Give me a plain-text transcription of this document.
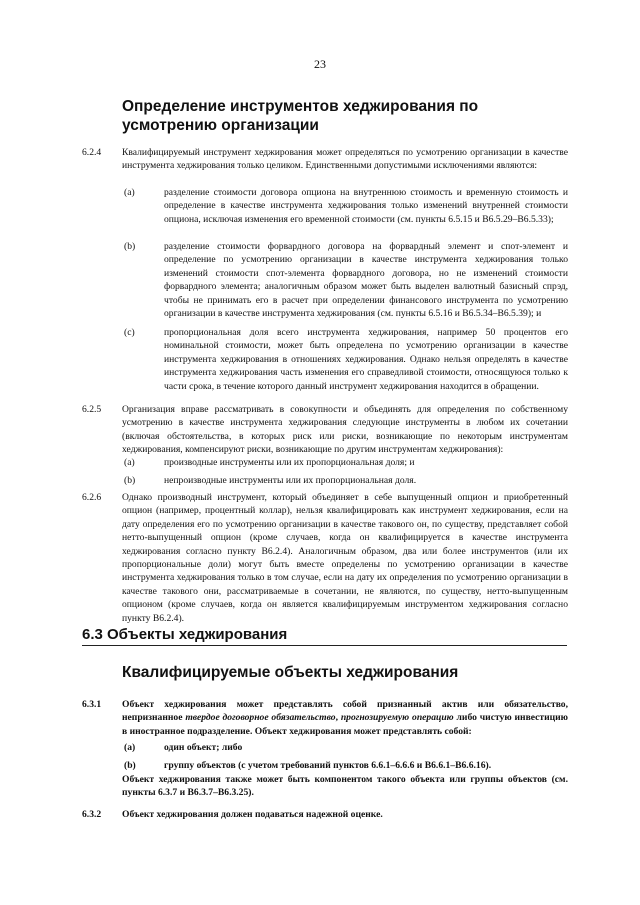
23
Определение инструментов хеджирования по усмотрению организации
6.2.4 Квалифицируемый инструмент хеджирования может определяться по усмотрению организации в качестве инструмента хеджирования только целиком. Единственными допустимыми исключениями являются:
(a)	разделение стоимости договора опциона на внутреннюю стоимость и временную стоимость и определение в качестве инструмента хеджирования только изменений внутренней стоимости опциона, исключая изменения его временной стоимости (см. пункты 6.5.15 и B6.5.29–B6.5.33);
(b)	разделение стоимости форвардного договора на форвардный элемент и спот-элемент и определение по усмотрению организации в качестве инструмента хеджирования только изменений стоимости спот-элемента форвардного договора, но не изменений стоимости форвардного элемента; аналогичным образом может быть выделен валютный базисный спрэд, чтобы не принимать его в расчет при определении финансового инструмента по усмотрению организации в качестве инструмента хеджирования (см. пункты 6.5.16 и B6.5.34–B6.5.39); и
(c)	пропорциональная доля всего инструмента хеджирования, например 50 процентов его номинальной стоимости, может быть определена по усмотрению организации в качестве инструмента хеджирования в отношениях хеджирования. Однако нельзя определять в качестве инструмента хеджирования часть изменения его справедливой стоимости, относящуюся только к части срока, в течение которого данный инструмент хеджирования находится в обращении.
6.2.5 Организация вправе рассматривать в совокупности и объединять для определения по собственному усмотрению в качестве инструмента хеджирования следующие инструменты в любом их сочетании (включая обстоятельства, в которых риск или риски, возникающие по некоторым инструментам хеджирования, компенсируют риски, возникающие по другим инструментам хеджирования):
(a)	производные инструменты или их пропорциональная доля; и
(b)	непроизводные инструменты или их пропорциональная доля.
6.2.6 Однако производный инструмент, который объединяет в себе выпущенный опцион и приобретенный опцион (например, процентный коллар), нельзя квалифицировать как инструмент хеджирования, если на дату определения его по усмотрению организации в качестве такового он, по существу, представляет собой нетто-выпущенный опцион (кроме случаев, когда он квалифицируется в качестве инструмента хеджирования согласно пункту B6.2.4). Аналогичным образом, два или более инструментов (или их пропорциональные доли) могут быть вместе определены по усмотрению организации в качестве инструмента хеджирования только в том случае, если на дату их определения по усмотрению организации в качестве такового они, рассматриваемые в сочетании, не являются, по существу, нетто-выпущенным опционом (кроме случаев, когда он является квалифицируемым инструментом хеджирования согласно пункту B6.2.4).
6.3 Объекты хеджирования
Квалифицируемые объекты хеджирования
6.3.1 Объект хеджирования может представлять собой признанный актив или обязательство, непризнанное твердое договорное обязательство, прогнозируемую операцию либо чистую инвестицию в иностранное подразделение. Объект хеджирования может представлять собой:
(a)	один объект; либо
(b)	группу объектов (с учетом требований пунктов 6.6.1–6.6.6 и B6.6.1–B6.6.16).
Объект хеджирования также может быть компонентом такого объекта или группы объектов (см. пункты 6.3.7 и B6.3.7–B6.3.25).
6.3.2 Объект хеджирования должен подаваться надежной оценке.
